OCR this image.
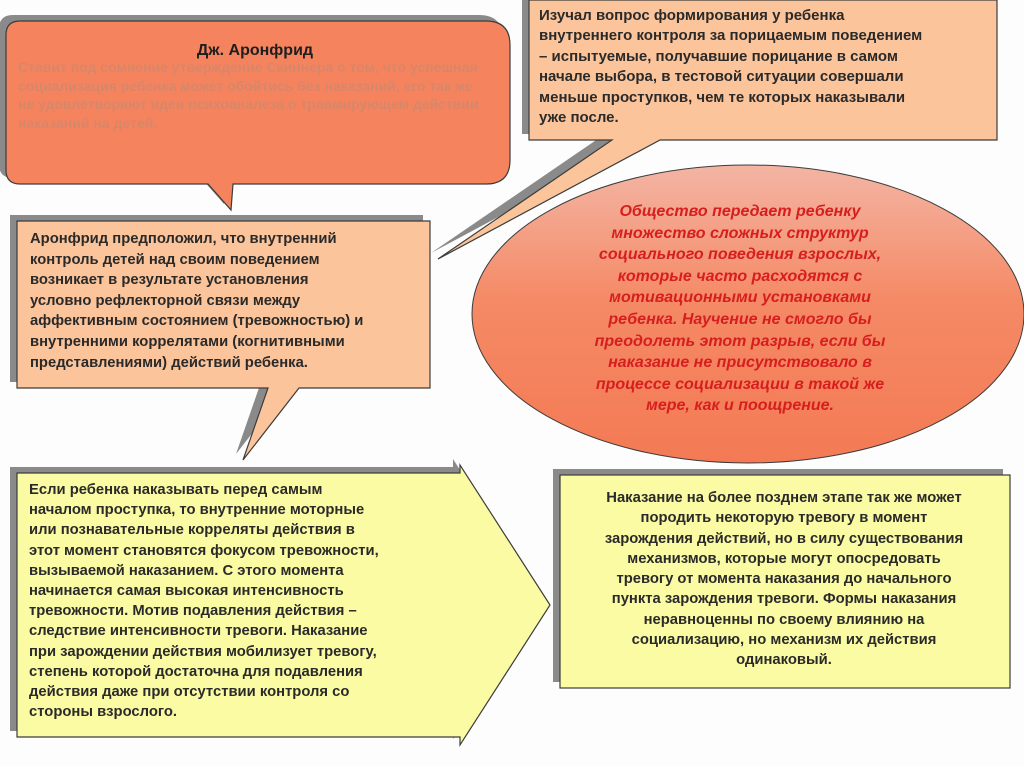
Дж. Аронфрид
Ставит под сомнение утверждение Скиннера о том, что успешная социализация ребенка может обойтись без наказаний, его так же не удовлетворяют идеи психоаналеза о травмирующем действии наказаний на детей.
Изучал вопрос формирования у ребенка
внутреннего контроля за порицаемым поведением
– испытуемые, получавшие порицание в самом
начале выбора, в тестовой ситуации совершали
меньше проступков, чем те которых наказывали
уже после.
Аронфрид предположил, что внутренний
контроль детей над своим поведением
возникает в результате установления
условно рефлекторной связи между
аффективным состоянием (тревожностью) и
внутренними коррелятами (когнитивными
представлениями) действий ребенка.
Общество передает ребенку
множество сложных структур
социального поведения взрослых,
которые часто расходятся с
мотивационными установками
ребенка. Научение не смогло бы
преодолеть этот разрыв, если бы
наказание не присутствовало в
процессе социализации в такой же
мере, как и поощрение.
Если ребенка наказывать перед самым
началом проступка, то внутренние моторные
или познавательные корреляты действия в
этот момент становятся фокусом тревожности,
вызываемой наказанием. С этого момента
начинается самая высокая интенсивность
тревожности. Мотив подавления действия –
следствие интенсивности тревоги. Наказание
при зарождении действия мобилизует тревогу,
степень которой достаточна для подавления
действия даже при отсутствии контроля со
стороны взрослого.
Наказание на более позднем этапе так же может
породить некоторую тревогу в момент
зарождения действий, но в силу существования
механизмов, которые могут опосредовать
тревогу от момента наказания до начального
пункта зарождения тревоги. Формы наказания
неравноценны по своему влиянию на
социализацию, но механизм их действия
одинаковый.
